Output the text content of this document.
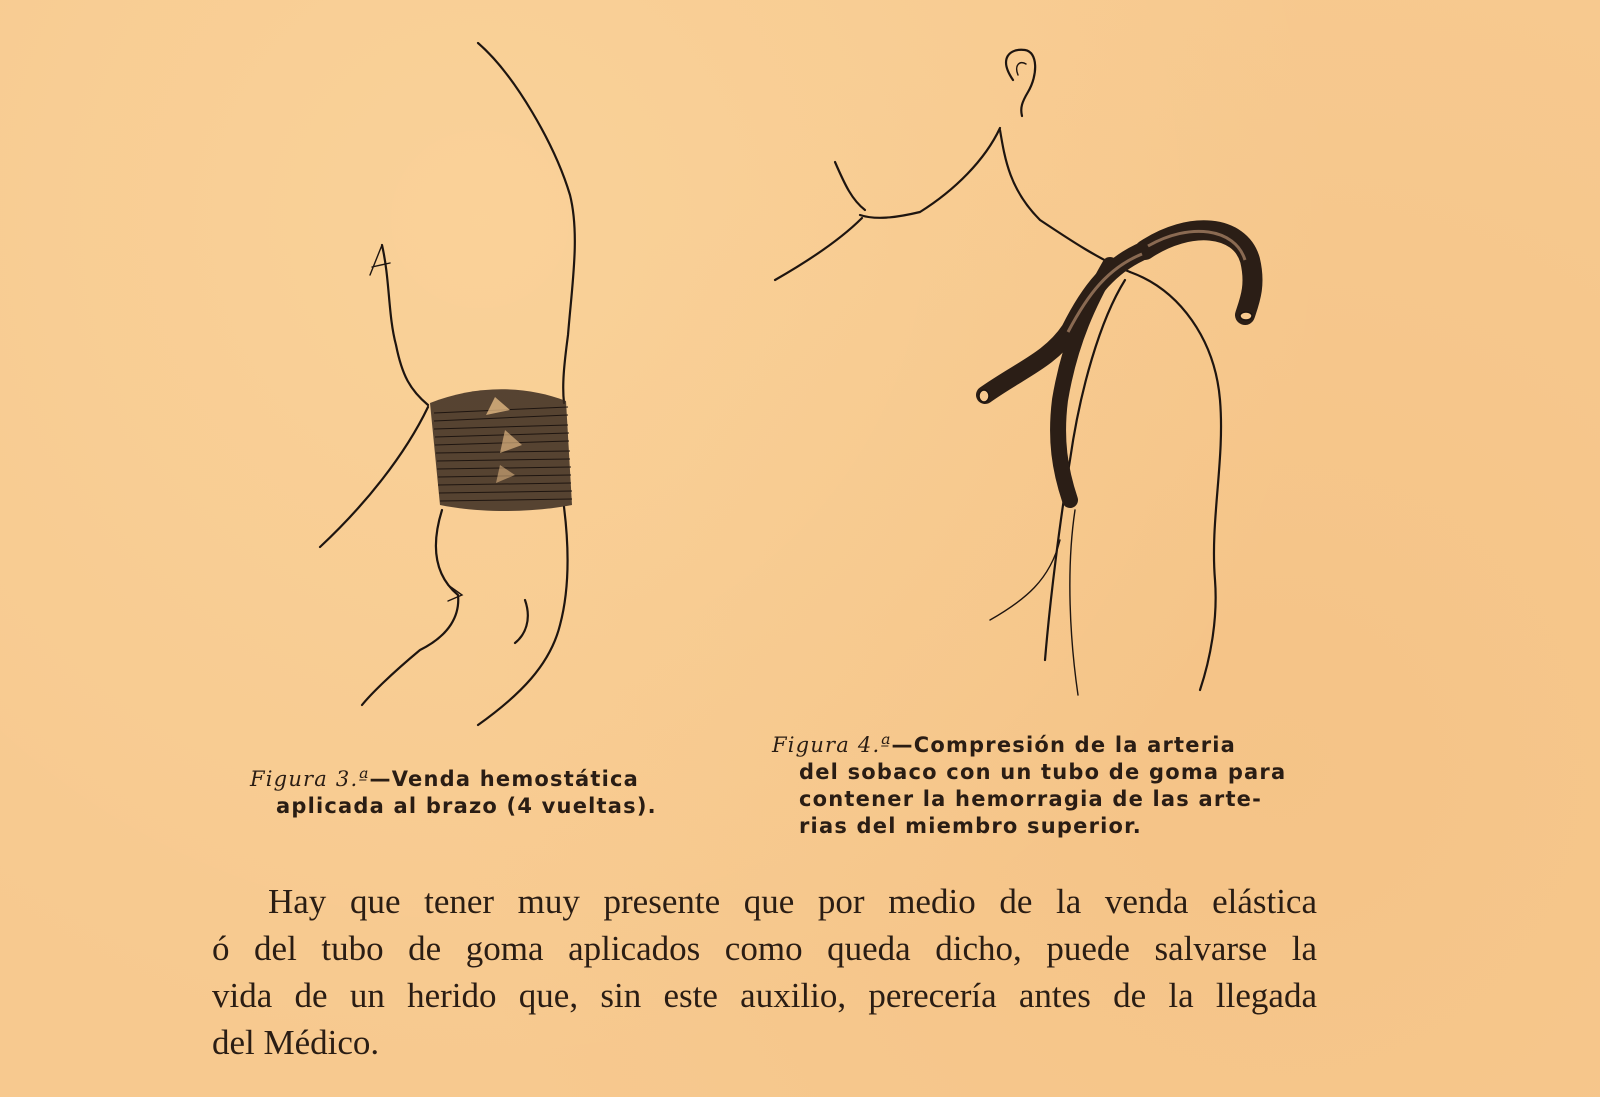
Figura 3.ª—Venda hemostática
aplicada al brazo (4 vueltas).
Figura 4.ª—Compresión de la arteria
del sobaco con un tubo de goma para
contener la hemorragia de las arte-
rias del miembro superior.
Hay que tener muy presente que por medio de la venda elástica
ó del tubo de goma aplicados como queda dicho, puede salvarse la
vida de un herido que, sin este auxilio, perecería antes de la llegada
del Médico.
